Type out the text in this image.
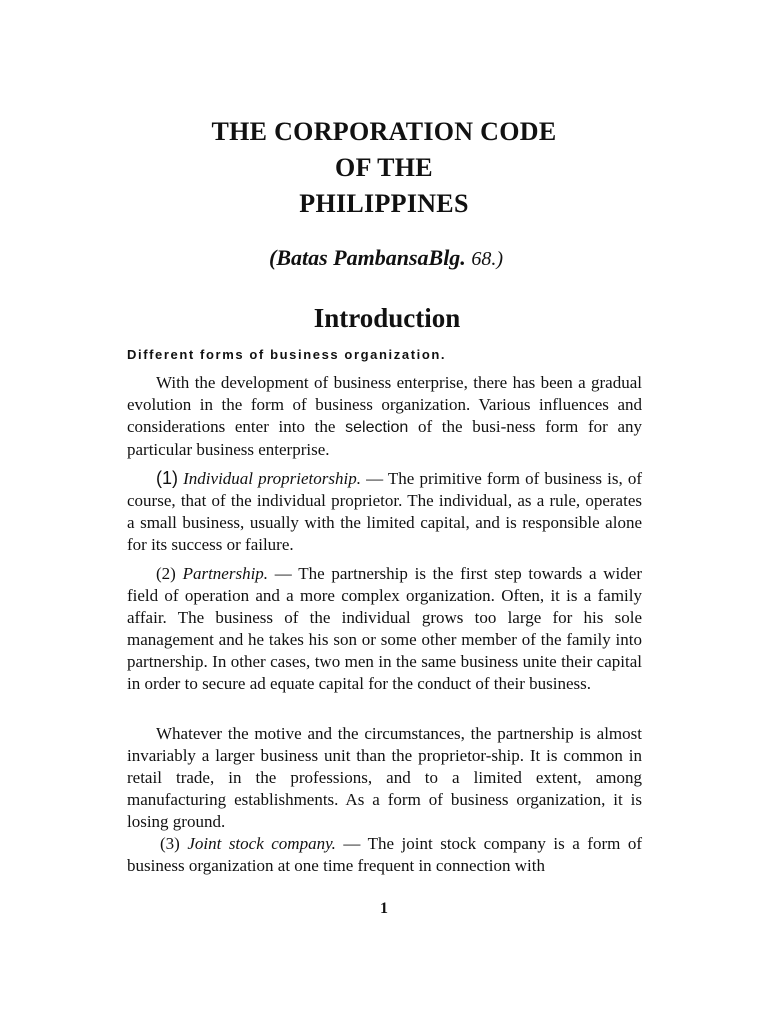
THE CORPORATION CODE
OF THE
PHILIPPINES
(Batas PambansaBlg. 68.)
Introduction
Different forms of business organization.

With the development of business enterprise, there has been a gradual evolution in the form of business organization. Various influences and considerations enter into the selection of the busi-ness form for any particular business enterprise.

(1) Individual proprietorship. — The primitive form of business is, of course, that of the individual proprietor. The individual, as a rule, operates a small business, usually with the limited capital, and is responsible alone for its success or failure.

(2) Partnership. — The partnership is the first step towards a wider field of operation and a more complex organization. Often, it is a family affair. The business of the individual grows too large for his sole management and he takes his son or some other member of the family into partnership. In other cases, two men in the same business unite their capital in order to secure ad equate capital for the conduct of their business.

Whatever the motive and the circumstances, the partnership is almost invariably a larger business unit than the proprietor-ship. It is common in retail trade, in the professions, and to a limited extent, among manufacturing establishments. As a form of business organization, it is losing ground.

(3) Joint stock company. — The joint stock company is a form of business organization at one time frequent in connection with

1
